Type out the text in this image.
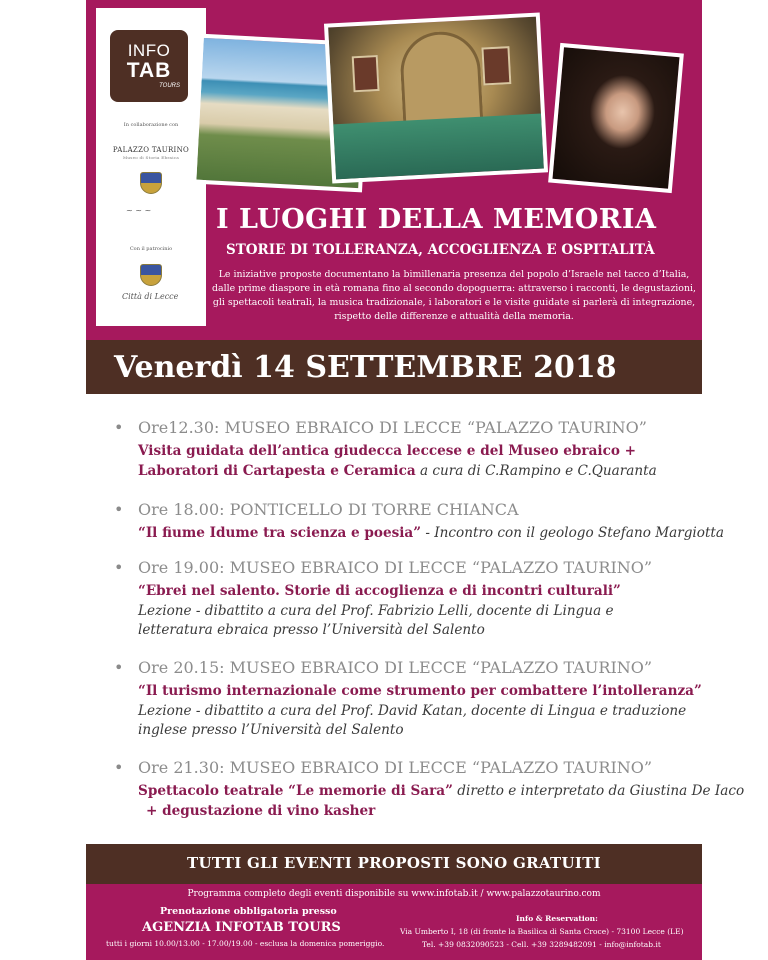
INFO
TAB
TOURS
In collaborazione con
PALAZZO TAURINO
Museo di Storia Ebraica
~ ~ ~
Con il patrocinio
Città di Lecce
I LUOGHI DELLA MEMORIA
STORIE DI TOLLERANZA, ACCOGLIENZA E OSPITALITÀ
Le iniziative proposte documentano la bimillenaria presenza del popolo d’Israele nel tacco d’Italia, dalle prime diaspore in età romana fino al secondo dopoguerra: attraverso i racconti, le degustazioni, gli spettacoli teatrali, la musica tradizionale, i laboratori e le visite guidate si parlerà di integrazione, rispetto delle differenze e attualità della memoria.
Venerdì 14 SETTEMBRE 2018
• Ore12.30: MUSEO EBRAICO DI LECCE “PALAZZO TAURINO”
Visita guidata dell’antica giudecca leccese e del Museo ebraico +
Laboratori di Cartapesta e Ceramica a cura di C.Rampino e C.Quaranta
• Ore 18.00: PONTICELLO DI TORRE CHIANCA
“Il fiume Idume tra scienza e poesia” - Incontro con il geologo Stefano Margiotta
• Ore 19.00: MUSEO EBRAICO DI LECCE “PALAZZO TAURINO”
“Ebrei nel salento. Storie di accoglienza e di incontri culturali”
Lezione - dibattito a cura del Prof. Fabrizio Lelli, docente di Lingua e
letteratura ebraica presso l’Università del Salento
• Ore 20.15: MUSEO EBRAICO DI LECCE “PALAZZO TAURINO”
“Il turismo internazionale come strumento per combattere l’intolleranza”
Lezione - dibattito a cura del Prof. David Katan, docente di Lingua e traduzione
inglese presso l’Università del Salento
• Ore 21.30: MUSEO EBRAICO DI LECCE “PALAZZO TAURINO”
Spettacolo teatrale “Le memorie di Sara” diretto e interpretato da Giustina De Iaco
+ degustazione di vino kasher
TUTTI GLI EVENTI PROPOSTI SONO GRATUITI
Programma completo degli eventi disponibile su www.infotab.it / www.palazzotaurino.com
Prenotazione obbligatoria presso
AGENZIA INFOTAB TOURS
tutti i giorni 10.00/13.00 - 17.00/19.00 - esclusa la domenica pomeriggio.
Info & Reservation:
Via Umberto I, 18 (di fronte la Basilica di Santa Croce) - 73100 Lecce (LE)
Tel. +39 0832090523 - Cell. +39 3289482091 - info@infotab.it
